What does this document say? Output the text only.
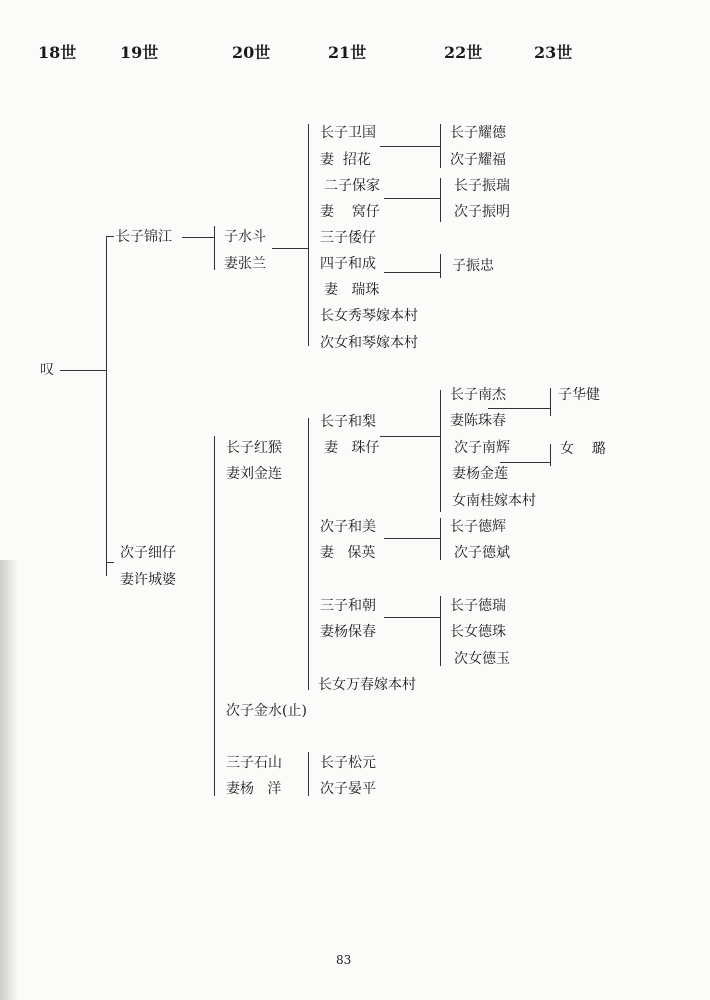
18世	19世	20世	21世	22世	23世
叹
长子锦江
次子细仔
妻许城婆
子水斗
妻张兰
长子卫国
妻  招花
二子保家
妻    窝仔
三子倭仔
四子和成
妻   瑞珠
长女秀琴嫁本村
次女和琴嫁本村
长子耀德
次子耀福
长子振瑞
次子振明
子振忠
长子红猴
妻刘金连
次子金水(止)
三子石山
妻杨   洋
长子和梨
妻   珠仔
次子和美
妻   保英
三子和朝
妻杨保春
长女万春嫁本村
长子南杰
妻陈珠春
次子南辉
妻杨金莲
女南桂嫁本村
长子德辉
次子德斌
长子德瑞
长女德珠
次女德玉
长子松元
次子晏平
子华健
女    璐
83
